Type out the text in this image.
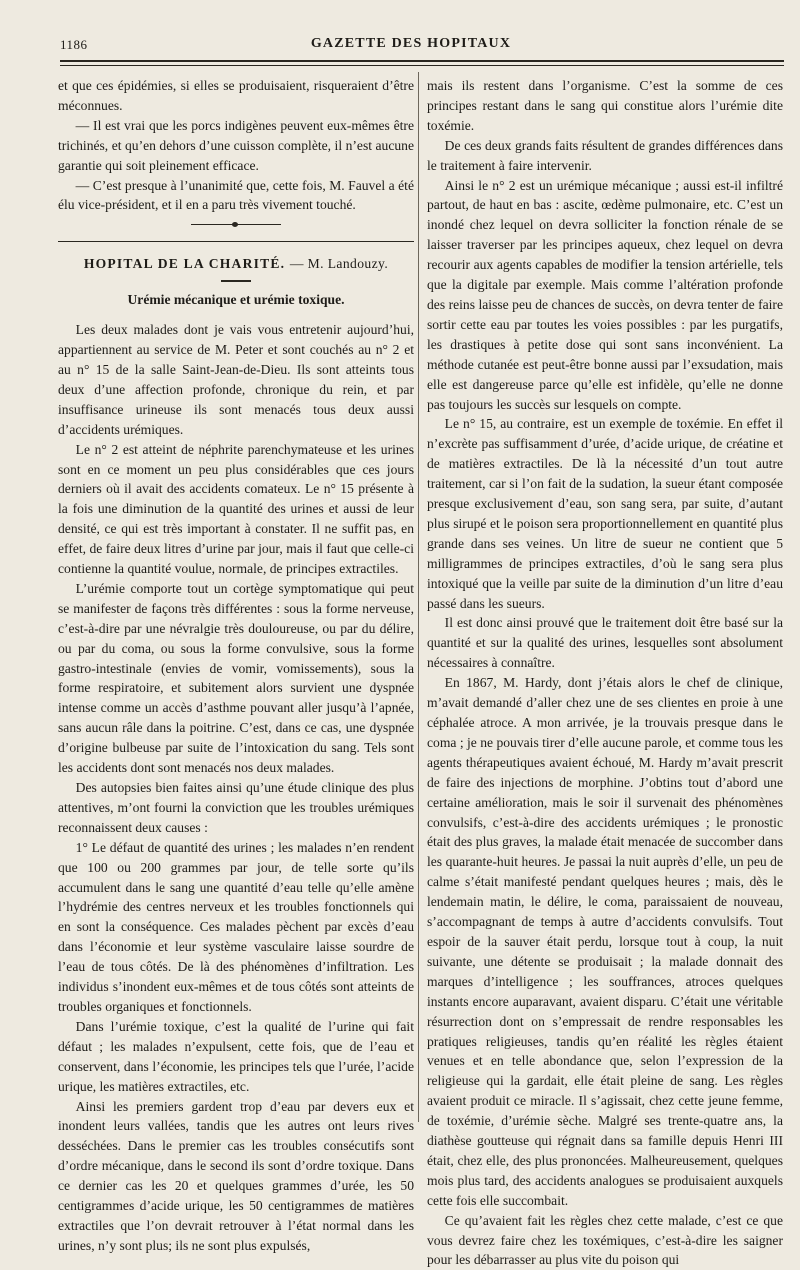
1186	GAZETTE DES HOPITAUX

et que ces épidémies, si elles se produisaient, risqueraient d’être méconnues.

— Il est vrai que les porcs indigènes peuvent eux-mêmes être trichinés, et qu’en dehors d’une cuisson complète, il n’est aucune garantie qui soit pleinement efficace.

— C’est presque à l’unanimité que, cette fois, M. Fauvel a été élu vice-président, et il en a paru très vivement touché.

HOPITAL DE LA CHARITÉ. — M. Landouzy.
Urémie mécanique et urémie toxique.

Les deux malades dont je vais vous entretenir aujourd’hui, appartiennent au service de M. Peter et sont couchés au n° 2 et au n° 15 de la salle Saint-Jean-de-Dieu. Ils sont atteints tous deux d’une affection profonde, chronique du rein, et par insuffisance urineuse ils sont menacés tous deux aussi d’accidents urémiques.

Le n° 2 est atteint de néphrite parenchymateuse et les urines sont en ce moment un peu plus considérables que ces jours derniers où il avait des accidents comateux. Le n° 15 présente à la fois une diminution de la quantité des urines et aussi de leur densité, ce qui est très important à constater. Il ne suffit pas, en effet, de faire deux litres d’urine par jour, mais il faut que celle-ci contienne la quantité voulue, normale, de principes extractiles.

L’urémie comporte tout un cortège symptomatique qui peut se manifester de façons très différentes : sous la forme nerveuse, c’est-à-dire par une névralgie très douloureuse, ou par du délire, ou par du coma, ou sous la forme convulsive, sous la forme gastro-intestinale (envies de vomir, vomissements), sous la forme respiratoire, et subitement alors survient une dyspnée intense comme un accès d’asthme pouvant aller jusqu’à l’apnée, sans aucun râle dans la poitrine. C’est, dans ce cas, une dyspnée d’origine bulbeuse par suite de l’intoxication du sang. Tels sont les accidents dont sont menacés nos deux malades.

Des autopsies bien faites ainsi qu’une étude clinique des plus attentives, m’ont fourni la conviction que les troubles urémiques reconnaissent deux causes :

1° Le défaut de quantité des urines ; les malades n’en rendent que 100 ou 200 grammes par jour, de telle sorte qu’ils accumulent dans le sang une quantité d’eau telle qu’elle amène l’hydrémie des centres nerveux et les troubles fonctionnels qui en sont la conséquence. Ces malades pèchent par excès d’eau dans l’économie et leur système vasculaire laisse sourdre de l’eau de tous côtés. De là des phénomènes d’infiltration. Les individus s’inondent eux-mêmes et de tous côtés sont atteints de troubles organiques et fonctionnels.

Dans l’urémie toxique, c’est la qualité de l’urine qui fait défaut ; les malades n’expulsent, cette fois, que de l’eau et conservent, dans l’économie, les principes tels que l’urée, l’acide urique, les matières extractiles, etc.

Ainsi les premiers gardent trop d’eau par devers eux et inondent leurs vallées, tandis que les autres ont leurs rives desséchées. Dans le premier cas les troubles consécutifs sont d’ordre mécanique, dans le second ils sont d’ordre toxique. Dans ce dernier cas les 20 et quelques grammes d’urée, les 50 centigrammes d’acide urique, les 50 centigrammes de matières extractiles que l’on devrait retrouver à l’état normal dans les urines, n’y sont plus; ils ne sont plus expulsés,

mais ils restent dans l’organisme. C’est la somme de ces principes restant dans le sang qui constitue alors l’urémie dite toxémie.

De ces deux grands faits résultent de grandes différences dans le traitement à faire intervenir.

Ainsi le n° 2 est un urémique mécanique ; aussi est-il infiltré partout, de haut en bas : ascite, œdème pulmonaire, etc. C’est un inondé chez lequel on devra solliciter la fonction rénale de se laisser traverser par les principes aqueux, chez lequel on devra recourir aux agents capables de modifier la tension artérielle, tels que la digitale par exemple. Mais comme l’altération profonde des reins laisse peu de chances de succès, on devra tenter de faire sortir cette eau par toutes les voies possibles : par les purgatifs, les drastiques à petite dose qui sont sans inconvénient. La méthode cutanée est peut-être bonne aussi par l’exsudation, mais elle est dangereuse parce qu’elle est infidèle, qu’elle ne donne pas toujours les succès sur lesquels on compte.

Le n° 15, au contraire, est un exemple de toxémie. En effet il n’excrète pas suffisamment d’urée, d’acide urique, de créatine et de matières extractiles. De là la nécessité d’un tout autre traitement, car si l’on fait de la sudation, la sueur étant composée presque exclusivement d’eau, son sang sera, par suite, d’autant plus sirupé et le poison sera proportionnellement en quantité plus grande dans ses veines. Un litre de sueur ne contient que 5 milligrammes de principes extractiles, d’où le sang sera plus intoxiqué que la veille par suite de la diminution d’un litre d’eau passé dans les sueurs.

Il est donc ainsi prouvé que le traitement doit être basé sur la quantité et sur la qualité des urines, lesquelles sont absolument nécessaires à connaître.

En 1867, M. Hardy, dont j’étais alors le chef de clinique, m’avait demandé d’aller chez une de ses clientes en proie à une céphalée atroce. A mon arrivée, je la trouvais presque dans le coma ; je ne pouvais tirer d’elle aucune parole, et comme tous les agents thérapeutiques avaient échoué, M. Hardy m’avait prescrit de faire des injections de morphine. J’obtins tout d’abord une certaine amélioration, mais le soir il survenait des phénomènes convulsifs, c’est-à-dire des accidents urémiques ; le pronostic était des plus graves, la malade était menacée de succomber dans les quarante-huit heures. Je passai la nuit auprès d’elle, un peu de calme s’était manifesté pendant quelques heures ; mais, dès le lendemain matin, le délire, le coma, paraissaient de nouveau, s’accompagnant de temps à autre d’accidents convulsifs. Tout espoir de la sauver était perdu, lorsque tout à coup, la nuit suivante, une détente se produisait ; la malade donnait des marques d’intelligence ; les souffrances, atroces quelques instants encore auparavant, avaient disparu. C’était une véritable résurrection dont on s’empressait de rendre responsables les pratiques religieuses, tandis qu’en réalité les règles étaient venues et en telle abondance que, selon l’expression de la religieuse qui la gardait, elle était pleine de sang. Les règles avaient produit ce miracle. Il s’agissait, chez cette jeune femme, de toxémie, d’urémie sèche. Malgré ses trente-quatre ans, la diathèse goutteuse qui régnait dans sa famille depuis Henri III était, chez elle, des plus prononcées. Malheureusement, quelques mois plus tard, des accidents analogues se produisaient auxquels cette fois elle succombait.

Ce qu’avaient fait les règles chez cette malade, c’est ce que vous devrez faire chez les toxémiques, c’est-à-dire les saigner pour les débarrasser au plus vite du poison qui
